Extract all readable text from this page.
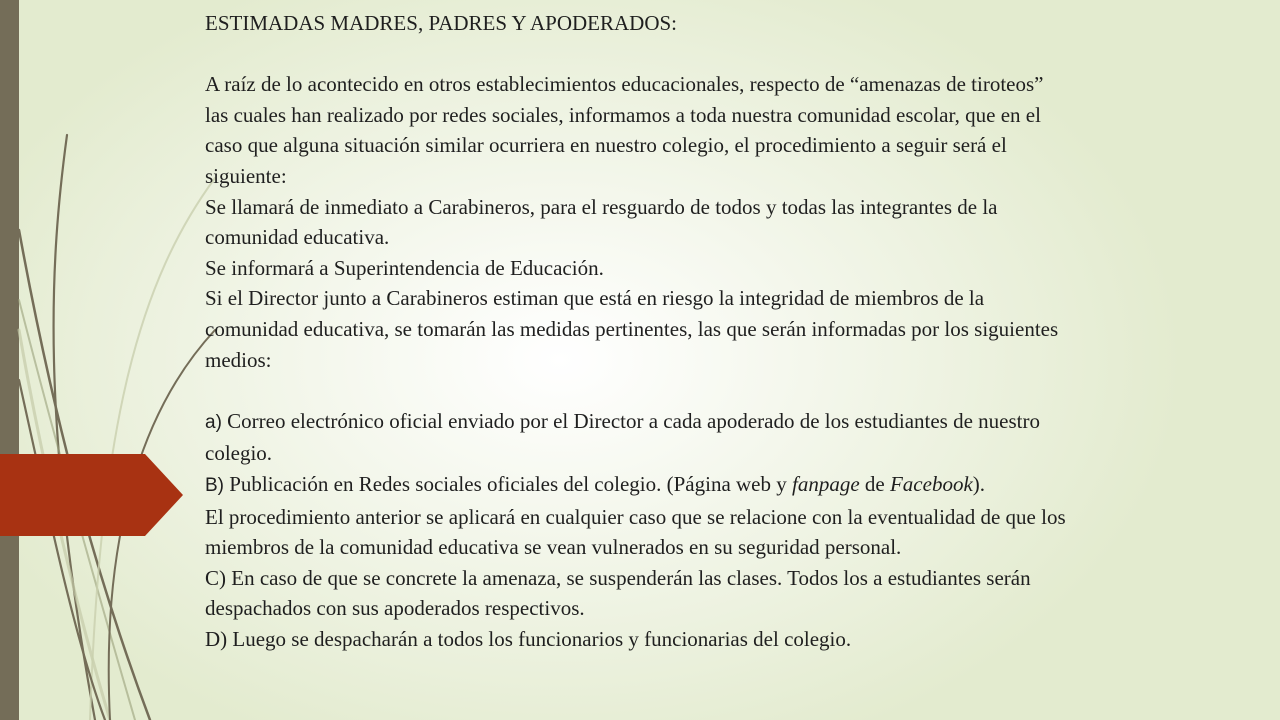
ESTIMADAS MADRES, PADRES Y APODERADOS:

A raíz de lo acontecido en otros establecimientos educacionales, respecto de “amenazas de tiroteos”

las cuales han realizado por redes sociales, informamos a toda nuestra comunidad escolar, que en el

caso que alguna situación similar ocurriera en nuestro colegio, el procedimiento a seguir será el

siguiente:

Se llamará de inmediato a Carabineros, para el resguardo de todos y todas las integrantes de la

comunidad educativa.

Se informará a Superintendencia de Educación.

Si el Director junto a Carabineros estiman que está en riesgo la integridad de miembros de la

comunidad educativa, se tomarán las medidas pertinentes, las que serán informadas por los siguientes

medios:

a) Correo electrónico oficial enviado por el Director a cada apoderado de los estudiantes de nuestro

colegio.

B) Publicación en Redes sociales oficiales del colegio. (Página web y fanpage de Facebook).

El procedimiento anterior se aplicará en cualquier caso que se relacione con la eventualidad de que los

miembros de la comunidad educativa se vean vulnerados en su seguridad personal.

C) En caso de que se concrete la amenaza, se suspenderán las clases. Todos los a estudiantes serán

despachados con sus apoderados respectivos.

D) Luego se despacharán a todos los funcionarios y funcionarias del colegio.
